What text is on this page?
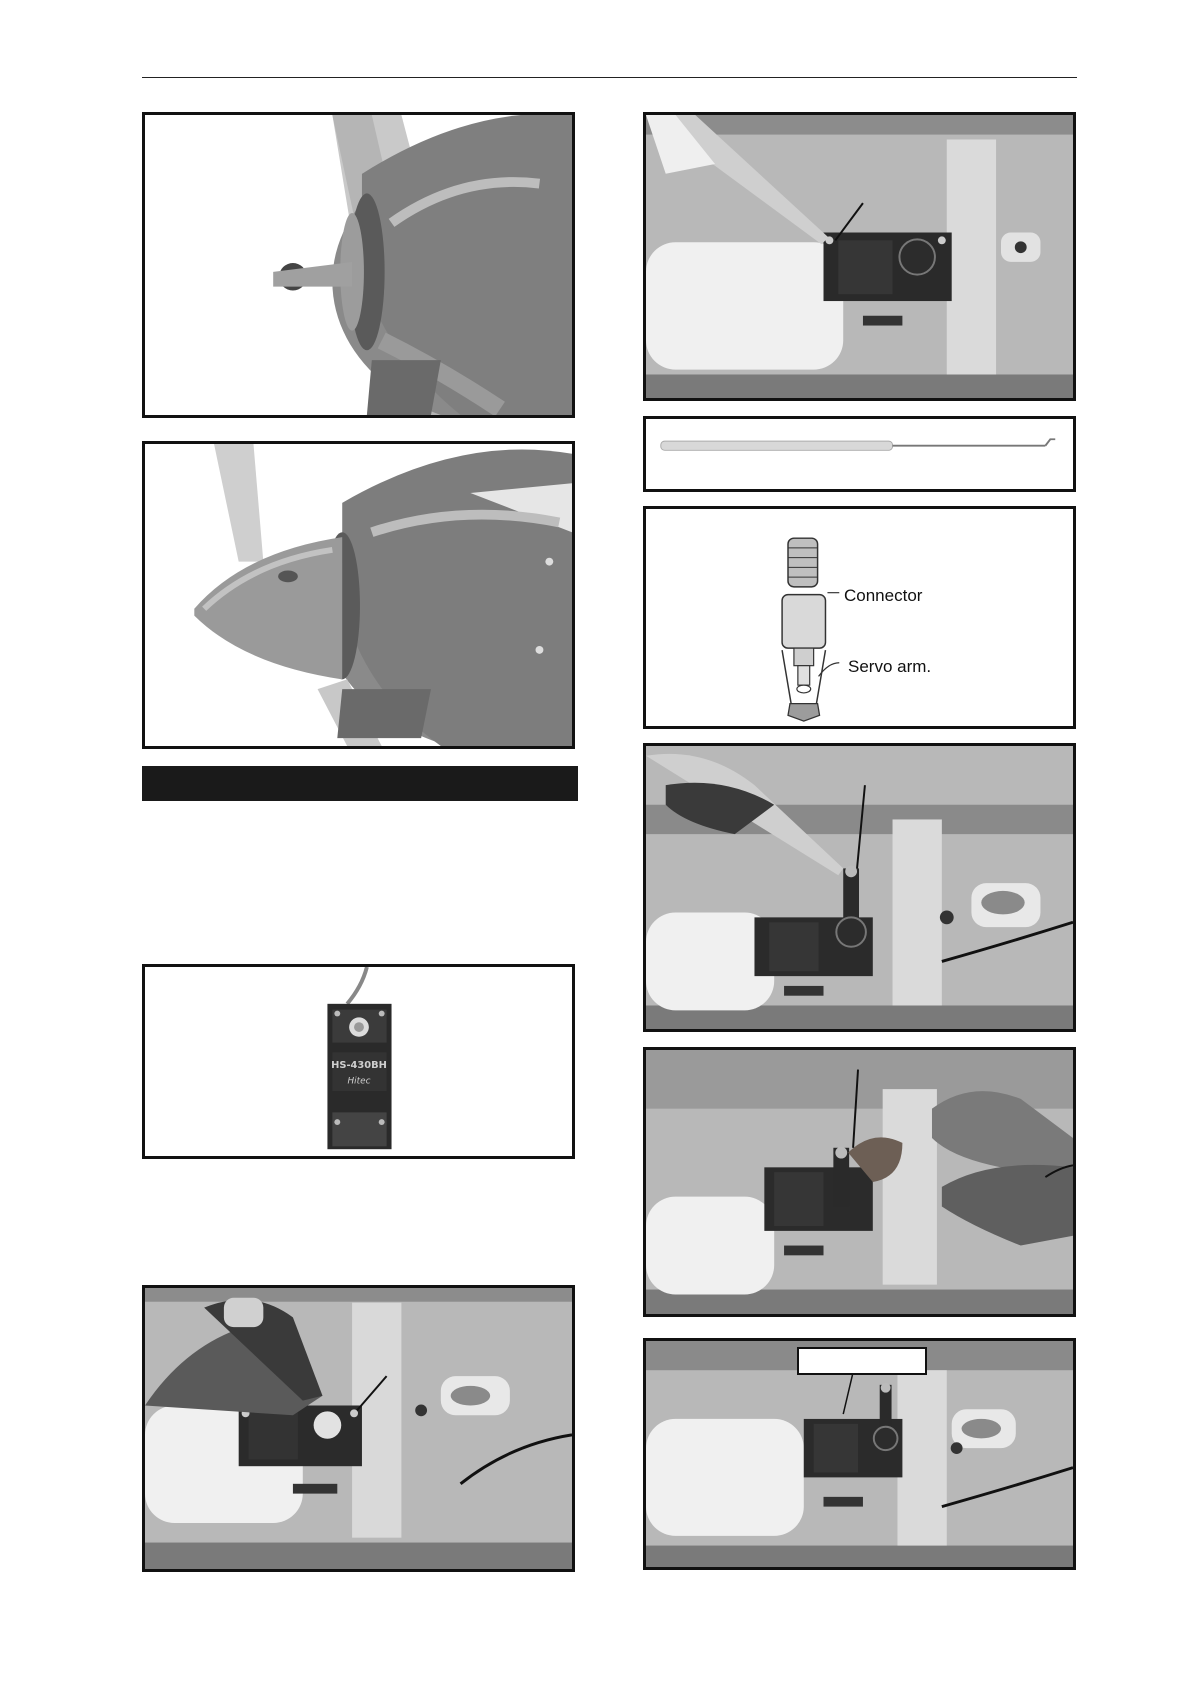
HS-430BH
Hitec
Connector
Servo arm.
